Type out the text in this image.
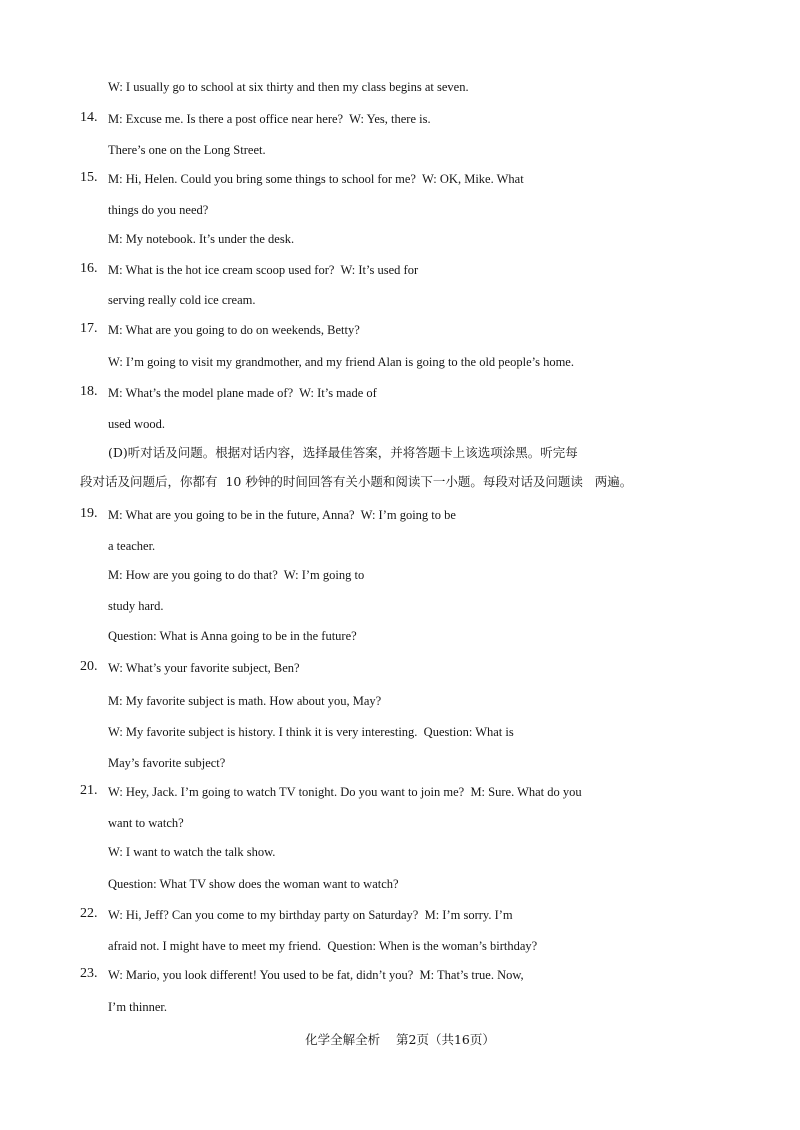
W: I usually go to school at six thirty and then my class begins at seven.
14. M: Excuse me. Is there a post office near here?  W: Yes, there is.
There’s one on the Long Street.
15. M: Hi, Helen. Could you bring some things to school for me?  W: OK, Mike. What
things do you need?
M: My notebook. It’s under the desk.
16. M: What is the hot ice cream scoop used for?  W: It’s used for
serving really cold ice cream.
17. M: What are you going to do on weekends, Betty?
W: I’m going to visit my grandmother, and my friend Alan is going to the old people’s home.
18. M: What’s the model plane made of?  W: It’s made of
used wood.
(D)听对话及问题。根据对话内容，选择最佳答案，并将答题卡上该选项涂黑。听完每
段对话及问题后，你都有  10 秒钟的时间回答有关小题和阅读下一小题。每段对话及问题读   两遍。
19. M: What are you going to be in the future, Anna?  W: I’m going to be
a teacher.
M: How are you going to do that?  W: I’m going to
study hard.
Question: What is Anna going to be in the future?
20. W: What’s your favorite subject, Ben?
M: My favorite subject is math. How about you, May?
W: My favorite subject is history. I think it is very interesting.  Question: What is
May’s favorite subject?
21. W: Hey, Jack. I’m going to watch TV tonight. Do you want to join me?  M: Sure. What do you
want to watch?
W: I want to watch the talk show.
Question: What TV show does the woman want to watch?
22. W: Hi, Jeff? Can you come to my birthday party on Saturday?  M: I’m sorry. I’m
afraid not. I might have to meet my friend.  Question: When is the woman’s birthday?
23. W: Mario, you look different! You used to be fat, didn’t you?  M: That’s true. Now,
I’m thinner.
化学全解全析    第2页（共16页）
